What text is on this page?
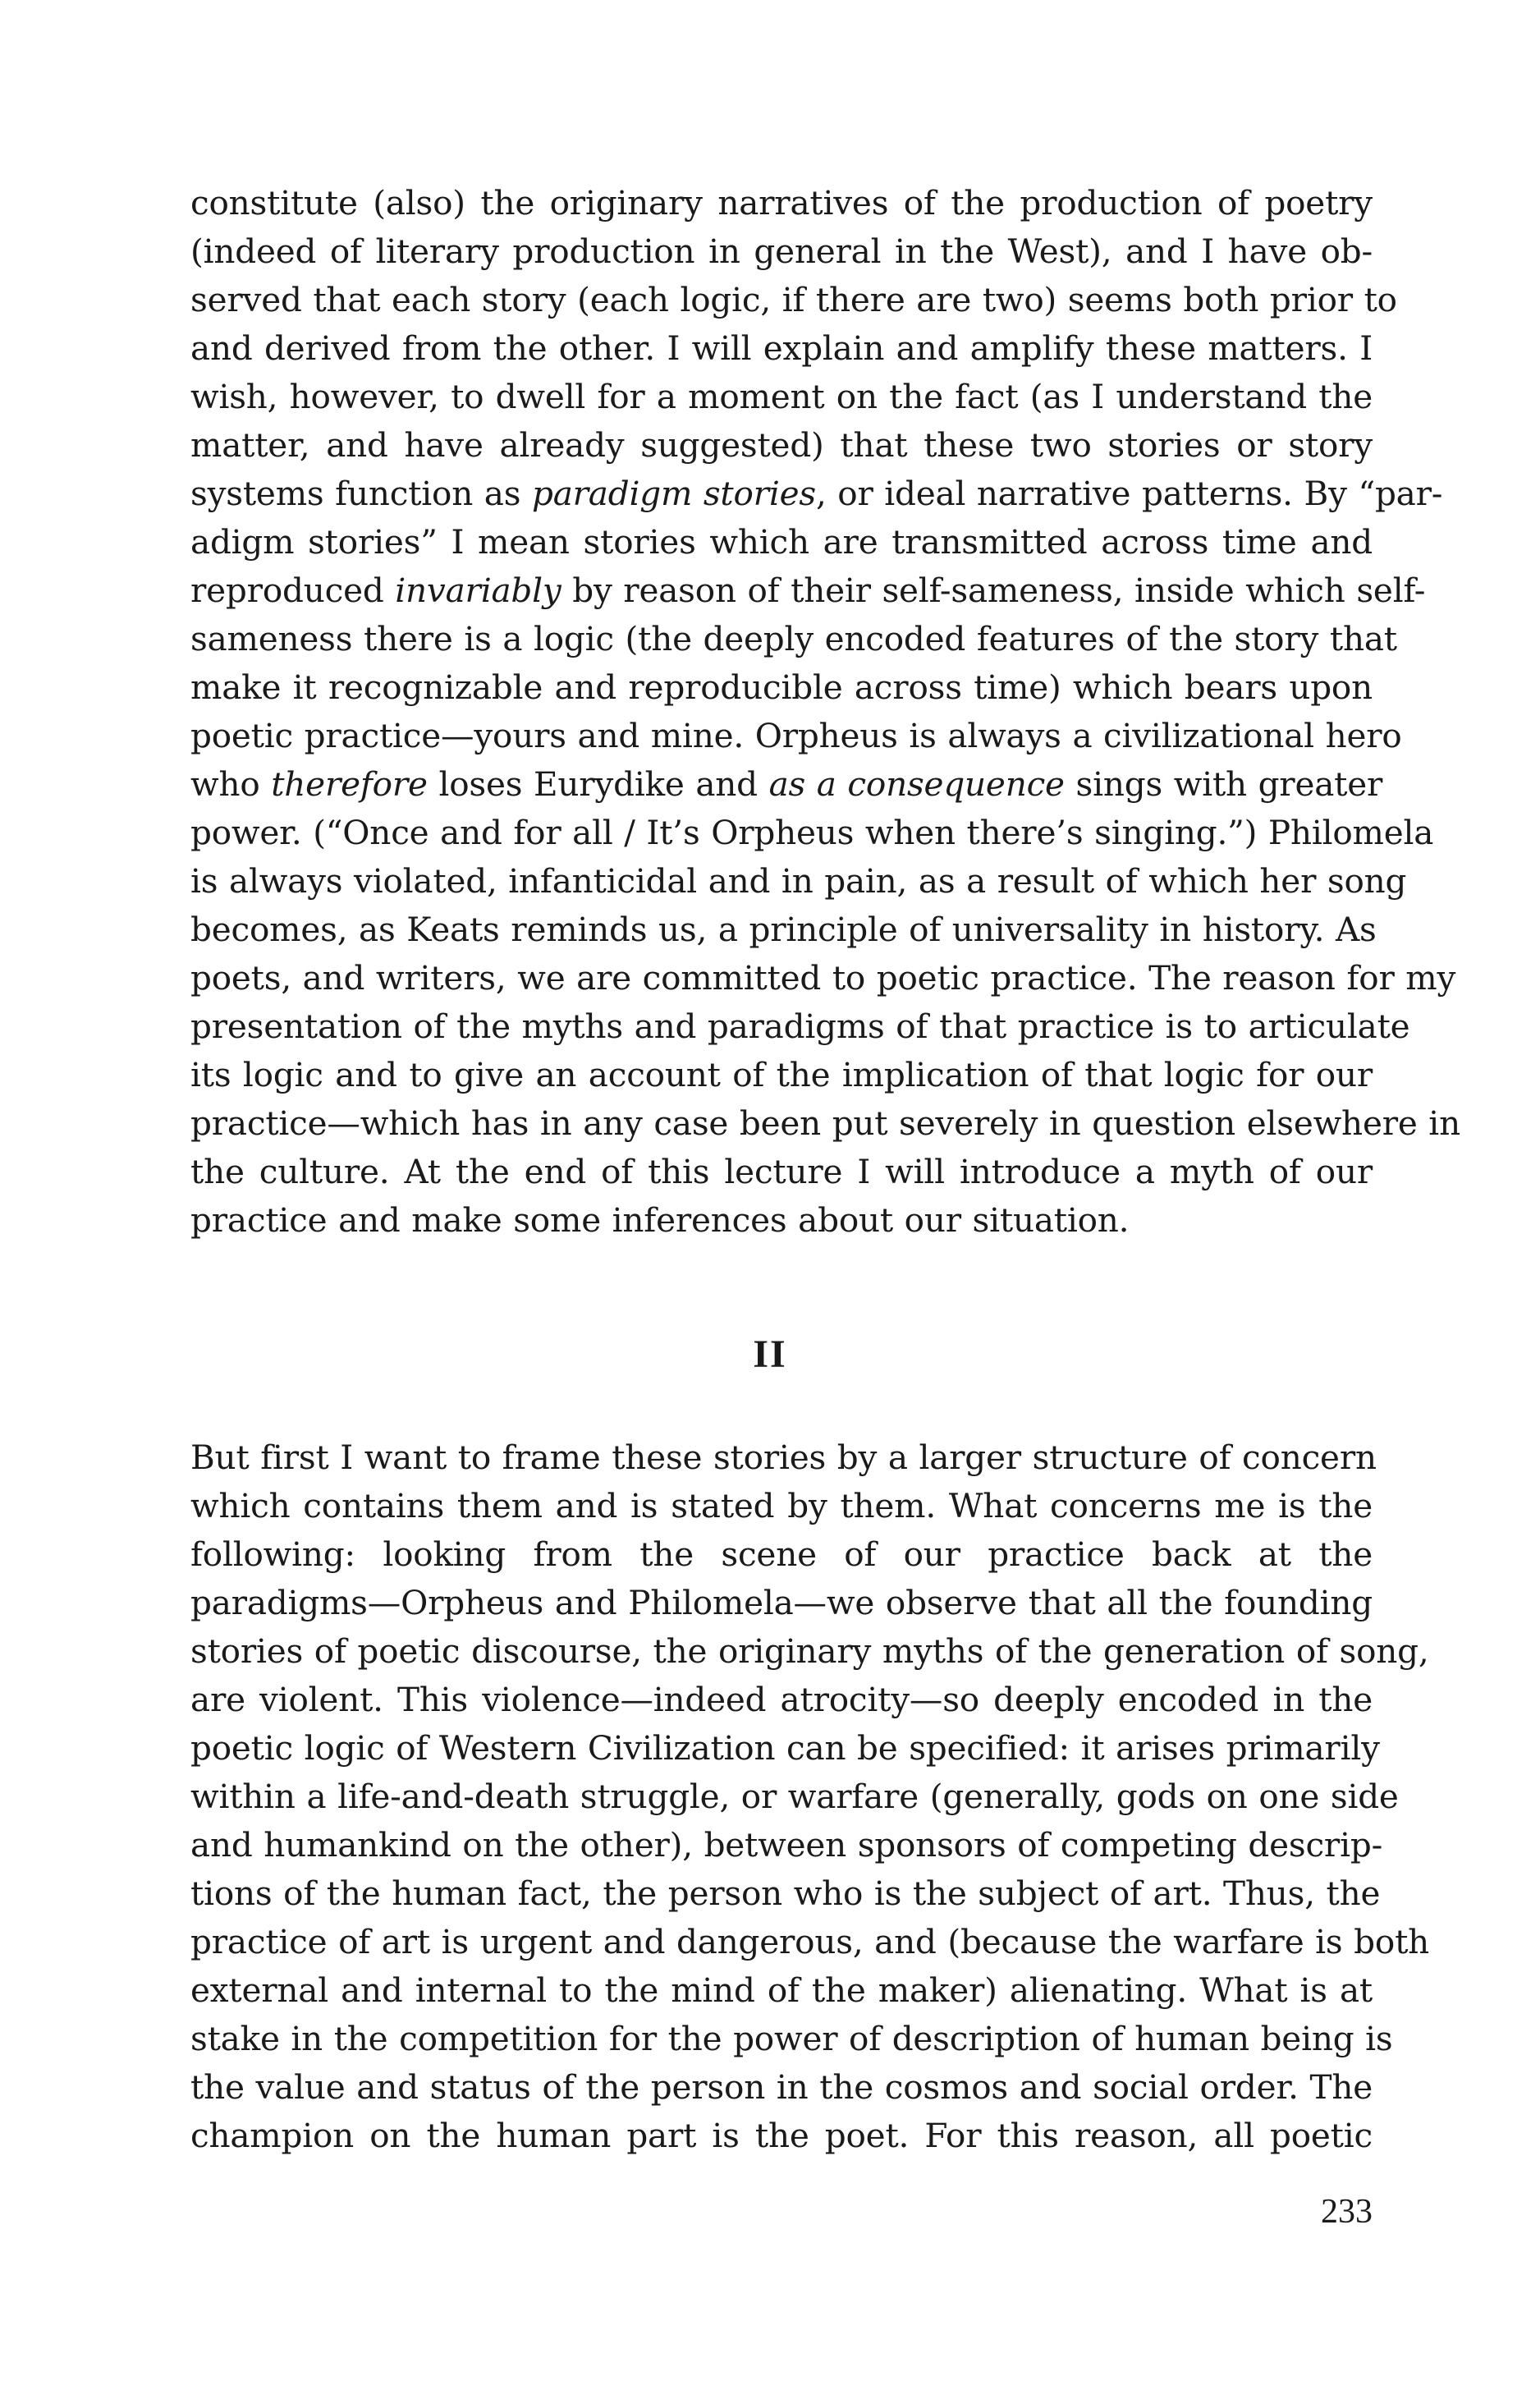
constitute (also) the originary narratives of the production of poetry
(indeed of literary production in general in the West), and I have ob-
served that each story (each logic, if there are two) seems both prior to
and derived from the other. I will explain and amplify these matters. I
wish, however, to dwell for a moment on the fact (as I understand the
matter, and have already suggested) that these two stories or story
systems function as paradigm stories, or ideal narrative patterns. By “par-
adigm stories” I mean stories which are transmitted across time and
reproduced invariably by reason of their self-sameness, inside which self-
sameness there is a logic (the deeply encoded features of the story that
make it recognizable and reproducible across time) which bears upon
poetic practice—yours and mine. Orpheus is always a civilizational hero
who therefore loses Eurydike and as a consequence sings with greater
power. (“Once and for all / It’s Orpheus when there’s singing.”) Philomela
is always violated, infanticidal and in pain, as a result of which her song
becomes, as Keats reminds us, a principle of universality in history. As
poets, and writers, we are committed to poetic practice. The reason for my
presentation of the myths and paradigms of that practice is to articulate
its logic and to give an account of the implication of that logic for our
practice—which has in any case been put severely in question elsewhere in
the culture. At the end of this lecture I will introduce a myth of our
practice and make some inferences about our situation.
II
But first I want to frame these stories by a larger structure of concern
which contains them and is stated by them. What concerns me is the
following: looking from the scene of our practice back at the
paradigms—Orpheus and Philomela—we observe that all the founding
stories of poetic discourse, the originary myths of the generation of song,
are violent. This violence—indeed atrocity—so deeply encoded in the
poetic logic of Western Civilization can be specified: it arises primarily
within a life-and-death struggle, or warfare (generally, gods on one side
and humankind on the other), between sponsors of competing descrip-
tions of the human fact, the person who is the subject of art. Thus, the
practice of art is urgent and dangerous, and (because the warfare is both
external and internal to the mind of the maker) alienating. What is at
stake in the competition for the power of description of human being is
the value and status of the person in the cosmos and social order. The
champion on the human part is the poet. For this reason, all poetic
233
